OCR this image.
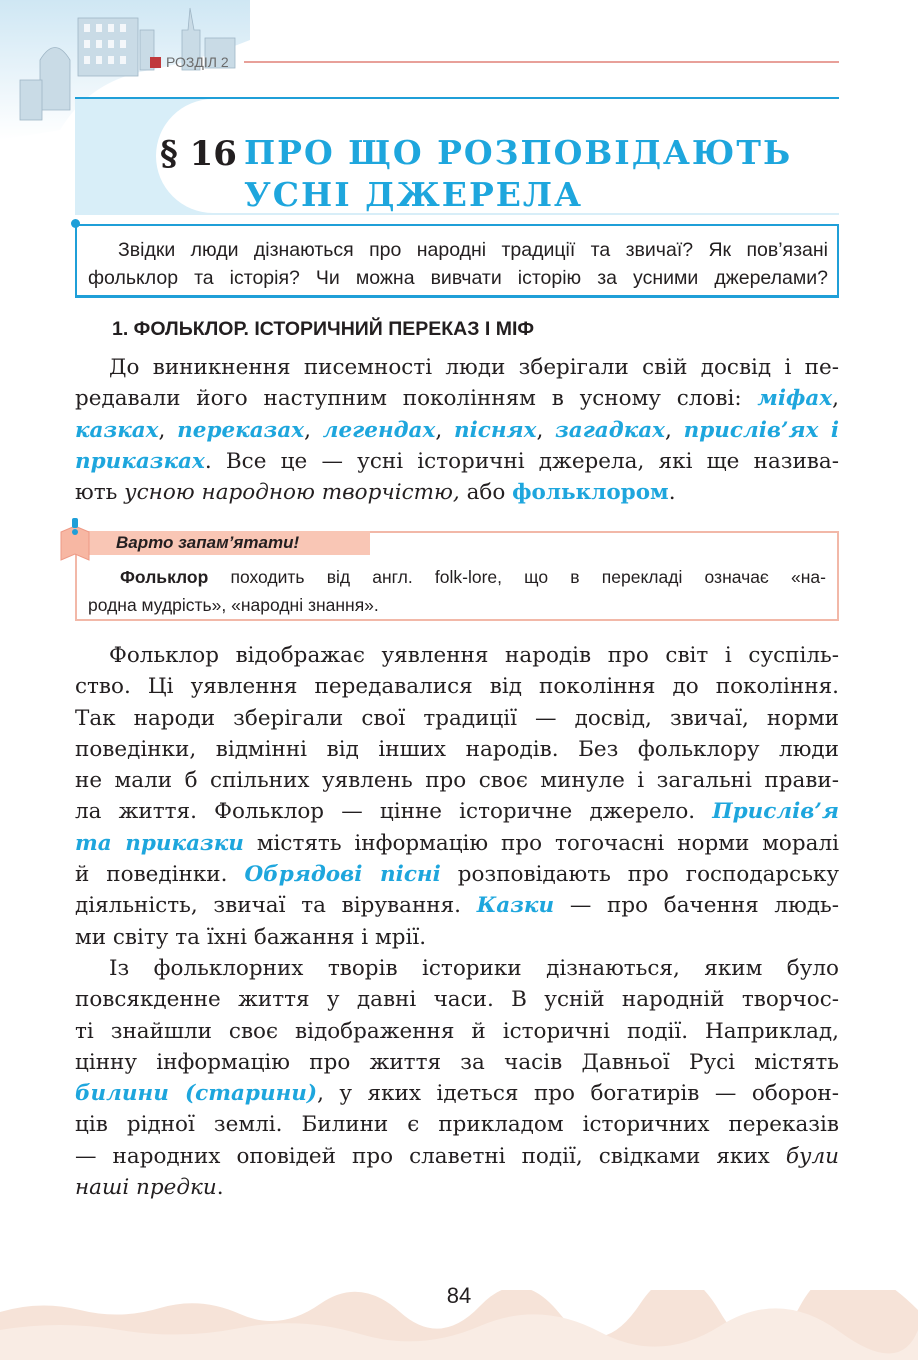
РОЗДІЛ 2
§ 16 ПРО ЩО РОЗПОВІДАЮТЬ
УСНІ ДЖЕРЕЛА
Звідки люди дізнаються про народні традиції та звичаї? Як пов’язані
фольклор та історія? Чи можна вивчати історію за усними джерелами?
1. ФОЛЬКЛОР. ІСТОРИЧНИЙ ПЕРЕКАЗ І МІФ
До виникнення писемності люди зберігали свій досвід і пе-
редавали його наступним поколінням в усному слові: міфах,
казках, переказах, легендах, піснях, загадках, прислів’ях і
приказках. Все це — усні історичні джерела, які ще назива-
ють усною народною творчістю, або фольклором.
Варто запам’ятати!
Фольклор походить від англ. folk-lore, що в перекладі означає «на-
родна мудрість», «народні знання».
Фольклор відображає уявлення народів про світ і суспіль-
ство. Ці уявлення передавалися від покоління до покоління.
Так народи зберігали свої традиції — досвід, звичаї, норми
поведінки, відмінні від інших народів. Без фольклору люди
не мали б спільних уявлень про своє минуле і загальні прави-
ла життя. Фольклор — цінне історичне джерело. Прислів’я
та приказки містять інформацію про тогочасні норми моралі
й поведінки. Обрядові пісні розповідають про господарську
діяльність, звичаї та вірування. Казки — про бачення людь-
ми світу та їхні бажання і мрії.
Із фольклорних творів історики дізнаються, яким було
повсякденне життя у давні часи. В усній народній творчос-
ті знайшли своє відображення й історичні події. Наприклад,
цінну інформацію про життя за часів Давньої Русі містять
билини (старини), у яких ідеться про богатирів — оборон-
ців рідної землі. Билини є прикладом історичних переказів
— народних оповідей про славетні події, свідками яких були
наші предки.
84
